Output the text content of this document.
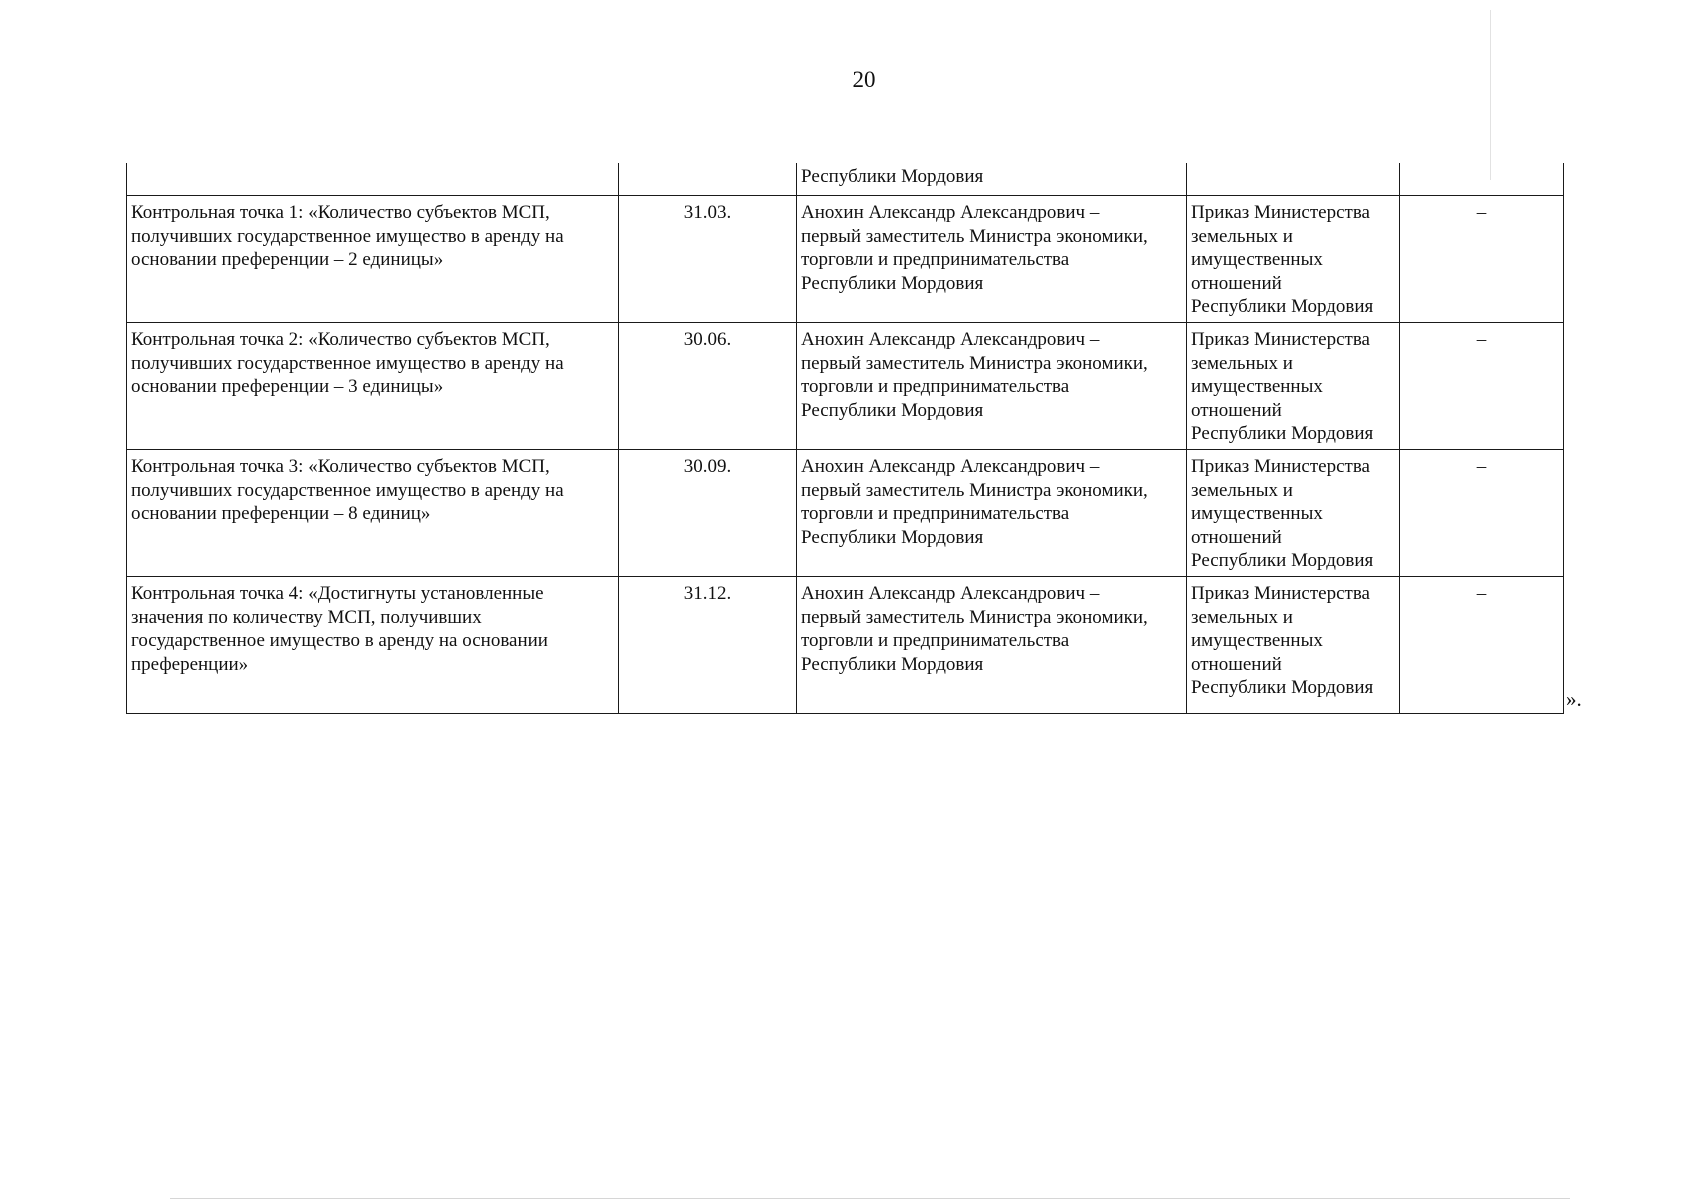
20

		Республики Мордовия		

Контрольная точка 1: «Количество субъектов МСП,
получивших государственное имущество в аренду на
основании преференции – 2 единицы»	31.03.	Анохин Александр Александрович –
первый заместитель Министра экономики,
торговли и предпринимательства
Республики Мордовия	Приказ Министерства
земельных и
имущественных
отношений
Республики Мордовия	–

Контрольная точка 2: «Количество субъектов МСП,
получивших государственное имущество в аренду на
основании преференции – 3 единицы»	30.06.	Анохин Александр Александрович –
первый заместитель Министра экономики,
торговли и предпринимательства
Республики Мордовия	Приказ Министерства
земельных и
имущественных
отношений
Республики Мордовия	–

Контрольная точка 3: «Количество субъектов МСП,
получивших государственное имущество в аренду на
основании преференции – 8 единиц»	30.09.	Анохин Александр Александрович –
первый заместитель Министра экономики,
торговли и предпринимательства
Республики Мордовия	Приказ Министерства
земельных и
имущественных
отношений
Республики Мордовия	–

Контрольная точка 4: «Достигнуты установленные
значения по количеству МСП, получивших
государственное имущество в аренду на основании
преференции»	31.12.	Анохин Александр Александрович –
первый заместитель Министра экономики,
торговли и предпринимательства
Республики Мордовия	Приказ Министерства
земельных и
имущественных
отношений
Республики Мордовия	–
».
